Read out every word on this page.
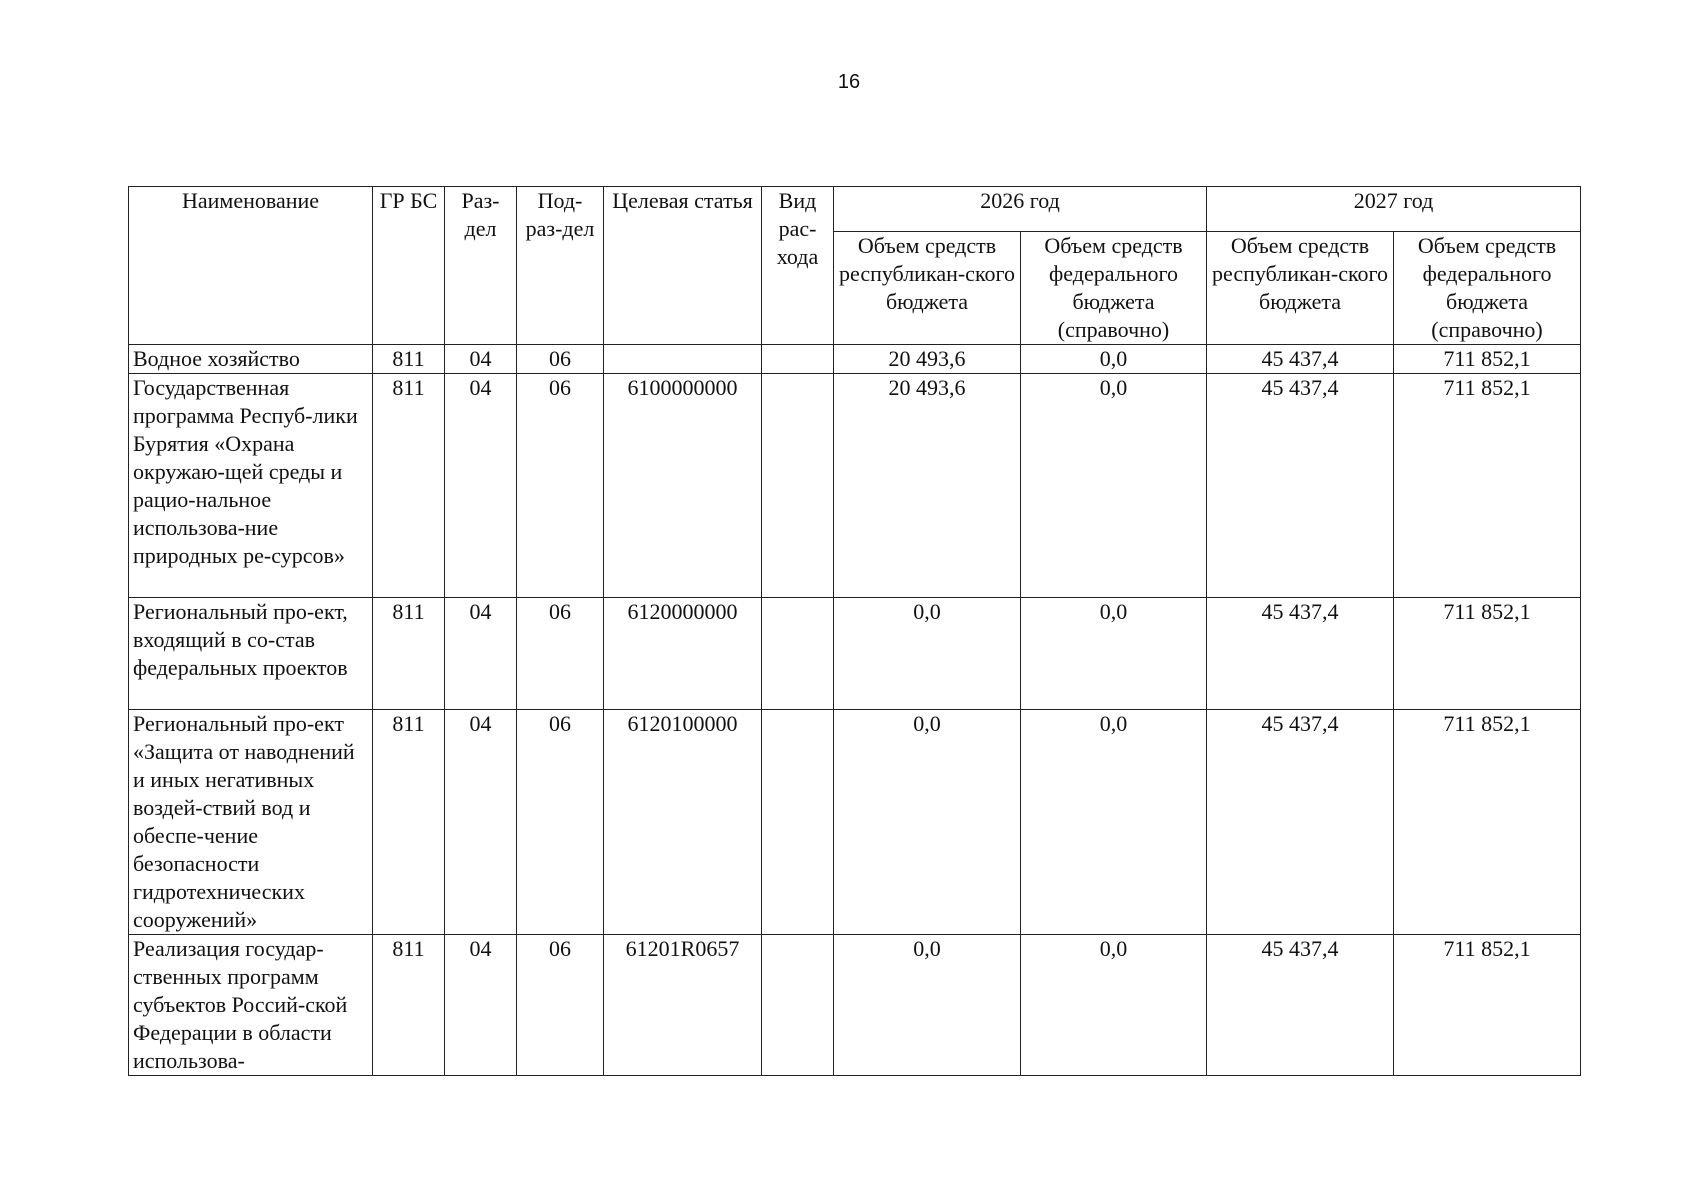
16
Наименование	ГР БС	Раз-дел	Под-раз-дел	Целевая статья	Вид рас-хода	2026 год		2027 год	
						Объем средств республикан-ского бюджета	Объем средств федерального бюджета (справочно)	Объем средств республикан-ского бюджета	Объем средств федерального бюджета (справочно)
Водное хозяйство	811	04	06			20 493,6	0,0	45 437,4	711 852,1
Государственная программа Респуб-лики Бурятия «Охрана окружаю-щей среды и рацио-нальное использова-ние природных ре-сурсов»	811	04	06	6100000000		20 493,6	0,0	45 437,4	711 852,1
Региональный про-ект, входящий в со-став федеральных проектов	811	04	06	6120000000		0,0	0,0	45 437,4	711 852,1
Региональный про-ект «Защита от наводнений и иных негативных воздей-ствий вод и обеспе-чение безопасности гидротехнических сооружений»	811	04	06	6120100000		0,0	0,0	45 437,4	711 852,1
Реализация государ-ственных программ субъектов Россий-ской Федерации в области использова-	811	04	06	61201R0657		0,0	0,0	45 437,4	711 852,1
